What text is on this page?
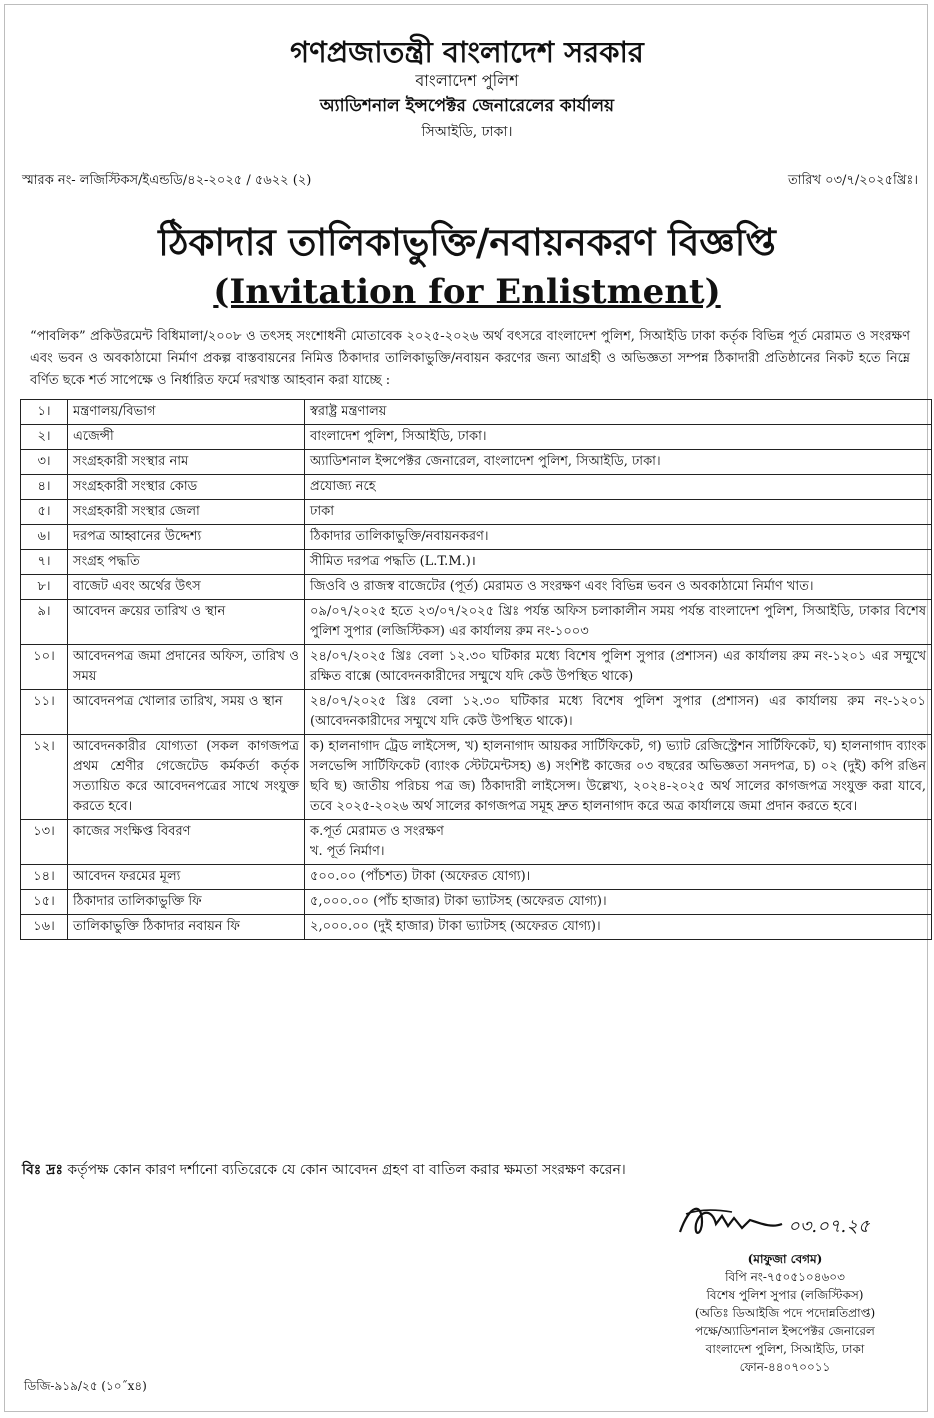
গণপ্রজাতন্ত্রী বাংলাদেশ সরকার
বাংলাদেশ পুলিশ
অ্যাডিশনাল ইন্সপেক্টর জেনারেলের কার্যালয়
সিআইডি, ঢাকা।
স্মারক নং- লজিস্টিকস/ইএন্ডডি/৪২-২০২৫ / ৫৬২২ (২)	তারিখ ০৩/৭/২০২৫খ্রিঃ।
ঠিকাদার তালিকাভুক্তি/নবায়নকরণ বিজ্ঞপ্তি
(Invitation for Enlistment)
“পাবলিক” প্রকিউরমেন্ট বিধিমালা/২০০৮ ও তৎসহ সংশোধনী মোতাবেক ২০২৫-২০২৬ অর্থ বৎসরে বাংলাদেশ পুলিশ, সিআইডি ঢাকা কর্তৃক বিভিন্ন পূর্ত মেরামত ও সংরক্ষণ এবং ভবন ও অবকাঠামো নির্মাণ প্রকল্প বাস্তবায়নের নিমিত্ত ঠিকাদার তালিকাভুক্তি/নবায়ন করণের জন্য আগ্রহী ও অভিজ্ঞতা সম্পন্ন ঠিকাদারী প্রতিষ্ঠানের নিকট হতে নিম্নে বর্ণিত ছকে শর্ত সাপেক্ষে ও নির্ধারিত ফর্মে দরখাস্ত আহবান করা যাচ্ছে :
১।	মন্ত্রণালয়/বিভাগ	স্বরাষ্ট্র মন্ত্রণালয়
২।	এজেন্সী	বাংলাদেশ পুলিশ, সিআইডি, ঢাকা।
৩।	সংগ্রহকারী সংস্থার নাম	অ্যাডিশনাল ইন্সপেক্টর জেনারেল, বাংলাদেশ পুলিশ, সিআইডি, ঢাকা।
৪।	সংগ্রহকারী সংস্থার কোড	প্রযোজ্য নহে
৫।	সংগ্রহকারী সংস্থার জেলা	ঢাকা
৬।	দরপত্র আহ্বানের উদ্দেশ্য	ঠিকাদার তালিকাভুক্তি/নবায়নকরণ।
৭।	সংগ্রহ পদ্ধতি	সীমিত দরপত্র পদ্ধতি (L.T.M.)।
৮।	বাজেট এবং অর্থের উৎস	জিওবি ও রাজস্ব বাজেটের (পূর্ত) মেরামত ও সংরক্ষণ এবং বিভিন্ন ভবন ও অবকাঠামো নির্মাণ খাত।
৯।	আবেদন ক্রয়ের তারিখ ও স্থান	০৯/০৭/২০২৫ হতে ২৩/০৭/২০২৫ খ্রিঃ পর্যন্ত অফিস চলাকালীন সময় পর্যন্ত বাংলাদেশ পুলিশ, সিআইডি, ঢাকার বিশেষ পুলিশ সুপার (লজিস্টিকস) এর কার্যালয় রুম নং-১০০৩
১০।	আবেদনপত্র জমা প্রদানের অফিস, তারিখ ও সময়	২৪/০৭/২০২৫ খ্রিঃ বেলা ১২.৩০ ঘটিকার মধ্যে বিশেষ পুলিশ সুপার (প্রশাসন) এর কার্যালয় রুম নং-১২০১ এর সম্মুখে রক্ষিত বাক্সে (আবেদনকারীদের সম্মুখে যদি কেউ উপস্থিত থাকে)
১১।	আবেদনপত্র খোলার তারিখ, সময় ও স্থান	২৪/০৭/২০২৫ খ্রিঃ বেলা ১২.৩০ ঘটিকার মধ্যে বিশেষ পুলিশ সুপার (প্রশাসন) এর কার্যালয় রুম নং-১২০১ (আবেদনকারীদের সম্মুখে যদি কেউ উপস্থিত থাকে)।
১২।	আবেদনকারীর যোগ্যতা (সকল কাগজপত্র প্রথম শ্রেণীর গেজেটেড কর্মকর্তা কর্তৃক সত্যায়িত করে আবেদনপত্রের সাথে সংযুক্ত করতে হবে।	ক) হালনাগাদ ট্রেড লাইসেন্স, খ) হালনাগাদ আয়কর সার্টিফিকেট, গ) ভ্যাট রেজিস্ট্রেশন সার্টিফিকেট, ঘ) হালনাগাদ ব্যাংক সলভেন্সি সার্টিফিকেট (ব্যাংক স্টেটমেন্টসহ) ঙ) সংশিষ্ট কাজের ০৩ বছরের অভিজ্ঞতা সনদপত্র, চ) ০২ (দুই) কপি রঙিন ছবি ছ) জাতীয় পরিচয় পত্র জ) ঠিকাদারী লাইসেন্স। উল্লেখ্য, ২০২৪-২০২৫ অর্থ সালের কাগজপত্র সংযুক্ত করা যাবে, তবে ২০২৫-২০২৬ অর্থ সালের কাগজপত্র সমূহ দ্রুত হালনাগাদ করে অত্র কার্যালয়ে জমা প্রদান করতে হবে।
১৩।	কাজের সংক্ষিপ্ত বিবরণ	ক.পূর্ত মেরামত ও সংরক্ষণ
খ. পূর্ত নির্মাণ।
১৪।	আবেদন ফরমের মূল্য	৫০০.০০ (পাঁচশত) টাকা (অফেরত যোগ্য)।
১৫।	ঠিকাদার তালিকাভুক্তি ফি	৫,০০০.০০ (পাঁচ হাজার) টাকা ভ্যাটসহ (অফেরত যোগ্য)।
১৬।	তালিকাভুক্তি ঠিকাদার নবায়ন ফি	২,০০০.০০ (দুই হাজার) টাকা ভ্যাটসহ (অফেরত যোগ্য)।
বিঃ দ্রঃ কর্তৃপক্ষ কোন কারণ দর্শানো ব্যতিরেকে যে কোন আবেদন গ্রহণ বা বাতিল করার ক্ষমতা সংরক্ষণ করেন।
০৩.০৭.২৫
(মাফুজা বেগম)
বিপি নং-৭৫০৫১০৪৬০৩
বিশেষ পুলিশ সুপার (লজিস্টিকস)
(অতিঃ ডিআইজি পদে পদোন্নতিপ্রাপ্ত)
পক্ষে/অ্যাডিশনাল ইন্সপেক্টর জেনারেল
বাংলাদেশ পুলিশ, সিআইডি, ঢাকা
ফোন-৪৪০৭০০১১
ডিজি-৯১৯/২৫ (১০˝x৪)
